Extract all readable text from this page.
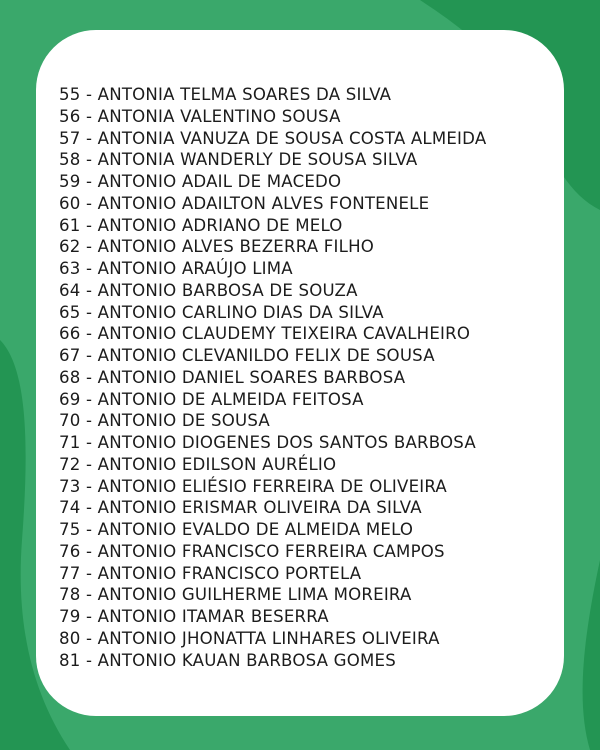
55 - ANTONIA TELMA SOARES DA SILVA
56 - ANTONIA VALENTINO SOUSA
57 - ANTONIA VANUZA DE SOUSA COSTA ALMEIDA
58 - ANTONIA WANDERLY DE SOUSA SILVA
59 - ANTONIO ADAIL DE MACEDO
60 - ANTONIO ADAILTON ALVES FONTENELE
61 - ANTONIO ADRIANO DE MELO
62 - ANTONIO ALVES BEZERRA FILHO
63 - ANTONIO ARAÚJO LIMA
64 - ANTONIO BARBOSA DE SOUZA
65 - ANTONIO CARLINO DIAS DA SILVA
66 - ANTONIO CLAUDEMY TEIXEIRA CAVALHEIRO
67 - ANTONIO CLEVANILDO FELIX DE SOUSA
68 - ANTONIO DANIEL SOARES BARBOSA
69 - ANTONIO DE ALMEIDA FEITOSA
70 - ANTONIO DE SOUSA
71 - ANTONIO DIOGENES DOS SANTOS BARBOSA
72 - ANTONIO EDILSON AURÉLIO
73 - ANTONIO ELIÉSIO FERREIRA DE OLIVEIRA
74 - ANTONIO ERISMAR OLIVEIRA DA SILVA
75 - ANTONIO EVALDO DE ALMEIDA MELO
76 - ANTONIO FRANCISCO FERREIRA CAMPOS
77 - ANTONIO FRANCISCO PORTELA
78 - ANTONIO GUILHERME LIMA MOREIRA
79 - ANTONIO ITAMAR BESERRA
80 - ANTONIO JHONATTA LINHARES OLIVEIRA
81 - ANTONIO KAUAN BARBOSA GOMES
